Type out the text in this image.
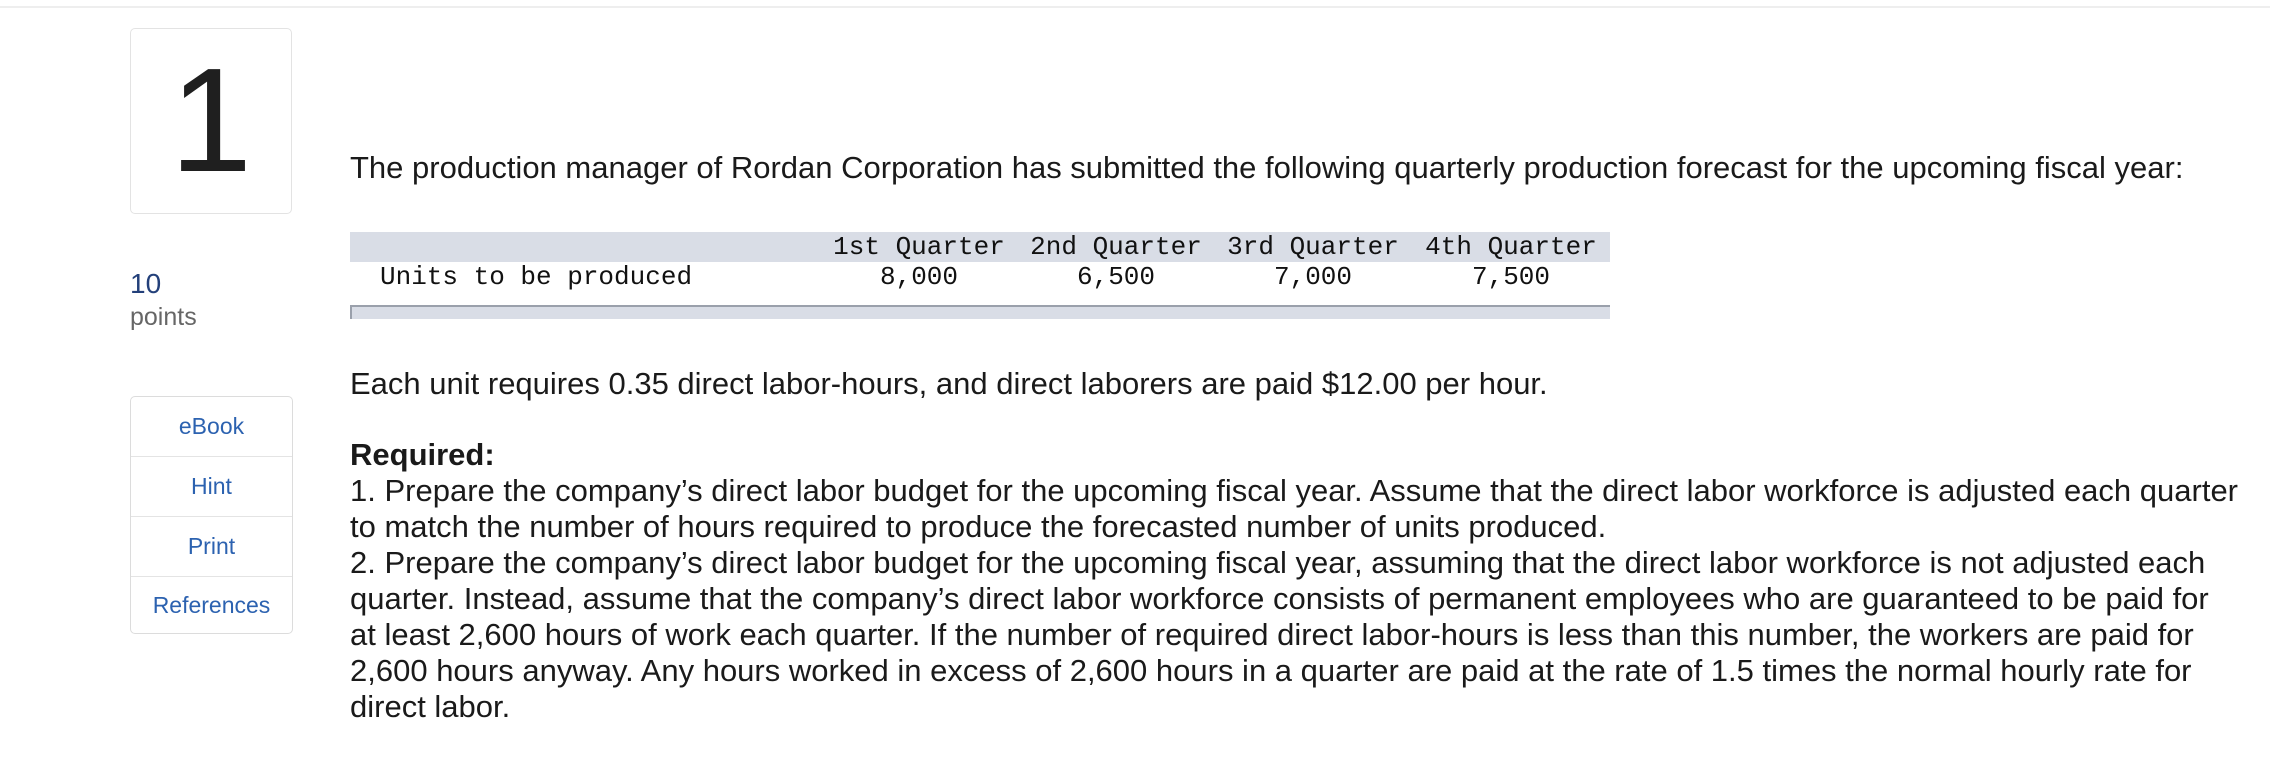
1
10
points
eBook
Hint
Print
References

The production manager of Rordan Corporation has submitted the following quarterly production forecast for the upcoming fiscal year:

	1st Quarter	2nd Quarter	3rd Quarter	4th Quarter
Units to be produced	8,000	6,500	7,000	7,500

Each unit requires 0.35 direct labor-hours, and direct laborers are paid $12.00 per hour.

Required:

1. Prepare the company’s direct labor budget for the upcoming fiscal year. Assume that the direct labor workforce is adjusted each quarter to match the number of hours required to produce the forecasted number of units produced.

2. Prepare the company’s direct labor budget for the upcoming fiscal year, assuming that the direct labor workforce is not adjusted each quarter. Instead, assume that the company’s direct labor workforce consists of permanent employees who are guaranteed to be paid for at least 2,600 hours of work each quarter. If the number of required direct labor-hours is less than this number, the workers are paid for 2,600 hours anyway. Any hours worked in excess of 2,600 hours in a quarter are paid at the rate of 1.5 times the normal hourly rate for direct labor.
